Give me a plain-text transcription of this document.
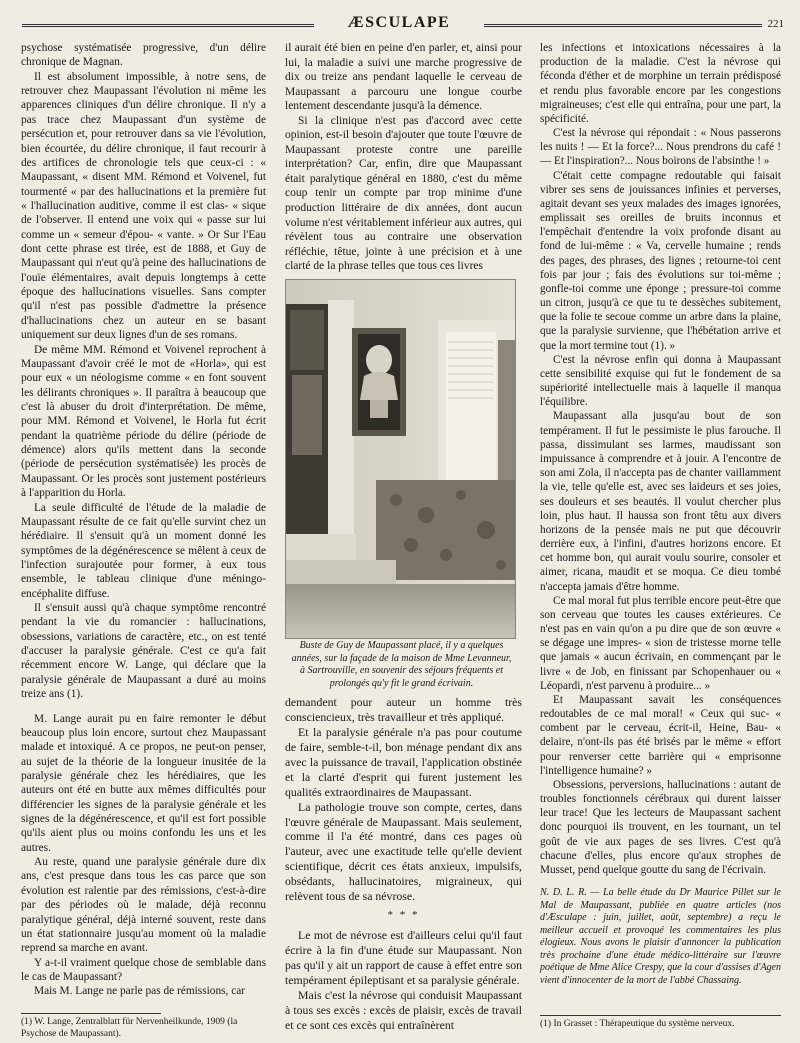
ÆSCULAPE	221

psychose systématisée progressive, d'un délire chronique de Magnan.

Il est absolument impossible, à notre sens, de retrouver chez Maupassant l'évolution ni même les apparences cliniques d'un délire chronique. Il n'y a pas trace chez Maupassant d'un système de persécution et, pour retrouver dans sa vie l'évolution, bien écourtée, du délire chronique, il faut recourir à des artifices de chronologie tels que ceux-ci : « Maupassant, « disent MM. Rémond et Voivenel, fut tourmenté « par des hallucinations et la première fut « l'hallucination auditive, comme il est clas- « sique de l'observer. Il entend une voix qui « passe sur lui comme un « semeur d'épou- « vante. » Or Sur l'Eau dont cette phrase est tirée, est de 1888, et Guy de Maupassant qui n'eut qu'à peine des hallucinations de l'ouïe élémentaires, avait depuis longtemps à cette époque des hallucinations visuelles. Sans compter qu'il n'est pas possible d'admettre la présence d'hallucinations chez un auteur en se basant uniquement sur deux lignes d'un de ses romans.

De même MM. Rémond et Voivenel reprochent à Maupassant d'avoir créé le mot de «Horla», qui est pour eux « un néologisme comme « en font souvent les délirants chroniques ». Il paraîtra à beaucoup que c'est là abuser du droit d'interprétation. De même, pour MM. Rémond et Voivenel, le Horla fut écrit pendant la quatrième période du délire (période de démence) alors qu'ils mettent dans la seconde (période de persécution systématisée) les procès de Maupassant. Or les procès sont justement postérieurs à l'apparition du Horla.

La seule difficulté de l'étude de la maladie de Maupassant résulte de ce fait qu'elle survint chez un hérédiaire. Il s'ensuit qu'à un moment donné les symptômes de la dégénérescence se mêlent à ceux de l'infection surajoutée pour former, à eux tous ensemble, le tableau clinique d'une méningo-encéphalite diffuse.

Il s'ensuit aussi qu'à chaque symptôme rencontré pendant la vie du romancier : hallucinations, obsessions, variations de caractère, etc., on est tenté d'accuser la paralysie générale. C'est ce qu'a fait récemment encore W. Lange, qui déclare que la paralysie générale de Maupassant a duré au moins treize ans (1).

M. Lange aurait pu en faire remonter le début beaucoup plus loin encore, surtout chez Maupassant malade et intoxiqué. A ce propos, ne peut-on penser, au sujet de la théorie de la longueur inusitée de la paralysie générale chez les hérédiaires, que les auteurs ont été en butte aux mêmes difficultés pour différencier les signes de la paralysie générale et les signes de la dégénérescence, et qu'il est fort possible qu'ils aient plus ou moins confondu les uns et les autres.

Au reste, quand une paralysie générale dure dix ans, c'est presque dans tous les cas parce que son évolution est ralentie par des rémissions, c'est-à-dire par des périodes où le malade, déjà reconnu paralytique général, déjà interné souvent, reste dans un état stationnaire jusqu'au moment où la maladie reprend sa marche en avant.

Y a-t-il vraiment quelque chose de semblable dans le cas de Maupassant?

Mais M. Lange ne parle pas de rémissions, car

il aurait été bien en peine d'en parler, et, ainsi pour lui, la maladie a suivi une marche progressive de dix ou treize ans pendant laquelle le cerveau de Maupassant a parcouru une longue courbe lentement descendante jusqu'à la démence.

Si la clinique n'est pas d'accord avec cette opinion, est-il besoin d'ajouter que toute l'œuvre de Maupassant proteste contre une pareille interprétation? Car, enfin, dire que Maupassant était paralytique général en 1880, c'est du même coup tenir un compte par trop minime d'une production littéraire de dix années, dont aucun volume n'est véritablement inférieur aux autres, qui révèlent tous au contraire une observation réfléchie, têtue, jointe à une précision et à une clarté de la phrase telles que tous ces livres

Buste de Guy de Maupassant placé, il y a quelques années, sur la façade de la maison de Mme Levanneur, à Sartrouville, en souvenir des séjours fréquents et prolongés qu'y fit le grand écrivain.

demandent pour auteur un homme très consciencieux, très travailleur et très appliqué.

Et la paralysie générale n'a pas pour coutume de faire, semble-t-il, bon ménage pendant dix ans avec la puissance de travail, l'application obstinée et la clarté d'esprit qui furent justement les qualités extraordinaires de Maupassant.

La pathologie trouve son compte, certes, dans l'œuvre générale de Maupassant. Mais seulement, comme il l'a été montré, dans ces pages où l'auteur, avec une exactitude telle qu'elle devient scientifique, décrit ces états anxieux, impulsifs, obsédants, hallucinatoires, migraineux, qui relèvent tous de sa névrose.

* * *

Le mot de névrose est d'ailleurs celui qu'il faut écrire à la fin d'une étude sur Maupassant. Non pas qu'il y ait un rapport de cause à effet entre son tempérament épileptisant et sa paralysie générale.

Mais c'est la névrose qui conduisit Maupassant à tous ses excès : excès de plaisir, excès de travail et ce sont ces excès qui entraînèrent

les infections et intoxications nécessaires à la production de la maladie. C'est la névrose qui féconda d'éther et de morphine un terrain prédisposé et rendu plus favorable encore par les congestions migraineuses; c'est elle qui entraîna, pour une part, la spécificité.

C'est la névrose qui répondait : « Nous passerons les nuits ! — Et la force?... Nous prendrons du café ! — Et l'inspiration?... Nous boirons de l'absinthe ! »

C'était cette compagne redoutable qui faisait vibrer ses sens de jouissances infinies et perverses, agitait devant ses yeux malades des images ignorées, emplissait ses oreilles de bruits inconnus et l'empêchait d'entendre la voix profonde disant au fond de lui-même : « Va, cervelle humaine ; rends des pages, des phrases, des lignes ; retourne-toi cent fois par jour ; fais des évolutions sur toi-même ; gonfle-toi comme une éponge ; pressure-toi comme un citron, jusqu'à ce que tu te dessèches subitement, que la folie te secoue comme un arbre dans la plaine, que la paralysie survienne, que l'hébétation arrive et que la mort termine tout (1). »

C'est la névrose enfin qui donna à Maupassant cette sensibilité exquise qui fut le fondement de sa supériorité intellectuelle mais à laquelle il manqua l'équilibre.

Maupassant alla jusqu'au bout de son tempérament. Il fut le pessimiste le plus farouche. Il passa, dissimulant ses larmes, maudissant son impuissance à comprendre et à jouir. A l'encontre de son ami Zola, il n'accepta pas de chanter vaillamment la vie, telle qu'elle est, avec ses laideurs et ses joies, ses douleurs et ses beautés. Il voulut chercher plus loin, plus haut. Il haussa son front têtu aux divers horizons de la pensée mais ne put que découvrir derrière eux, à l'infini, d'autres horizons encore. Et cet homme bon, qui aurait voulu sourire, consoler et aimer, ricana, maudit et se moqua. Ce dieu tombé n'accepta jamais d'être homme.

Ce mal moral fut plus terrible encore peut-être que son cerveau que toutes les causes extérieures. Ce n'est pas en vain qu'on a pu dire que de son œuvre « se dégage une impres- « sion de tristesse morne telle que jamais « aucun écrivain, en commençant par le livre « de Job, en finissant par Schopenhauer ou « Léopardi, n'est parvenu à produire... »

Et Maupassant savait les conséquences redoutables de ce mal moral! « Ceux qui suc- « combent par le cerveau, écrit-il, Heine, Bau- « delaire, n'ont-ils pas été brisés par le même « effort pour renverser cette barrière qui « emprisonne l'intelligence humaine? »

Obsessions, perversions, hallucinations : autant de troubles fonctionnels cérébraux qui durent laisser leur trace! Que les lecteurs de Maupassant sachent donc pourquoi ils trouvent, en les tournant, un tel goût de vie aux pages de ses livres. C'est qu'à chacune d'elles, plus encore qu'aux strophes de Musset, pend quelque goutte du sang de l'écrivain.

N. D. L. R. — La belle étude du Dr Maurice Pillet sur le Mal de Maupassant, publiée en quatre articles (nos d'Æsculape : juin, juillet, août, septembre) a reçu le meilleur accueil et provoqué les commentaires les plus élogieux. Nous avons le plaisir d'annoncer la publication très prochaine d'une étude médico-littéraire sur l'œuvre poétique de Mme Alice Crespy, que la cour d'assises d'Agen vient d'innocenter de la mort de l'abbé Chassaing.
(1) W. Lange, Zentralblatt für Nervenheilkunde, 1909 (la Psychose de Maupassant).
(1) In Grasset : Thérapeutique du système nerveux.
